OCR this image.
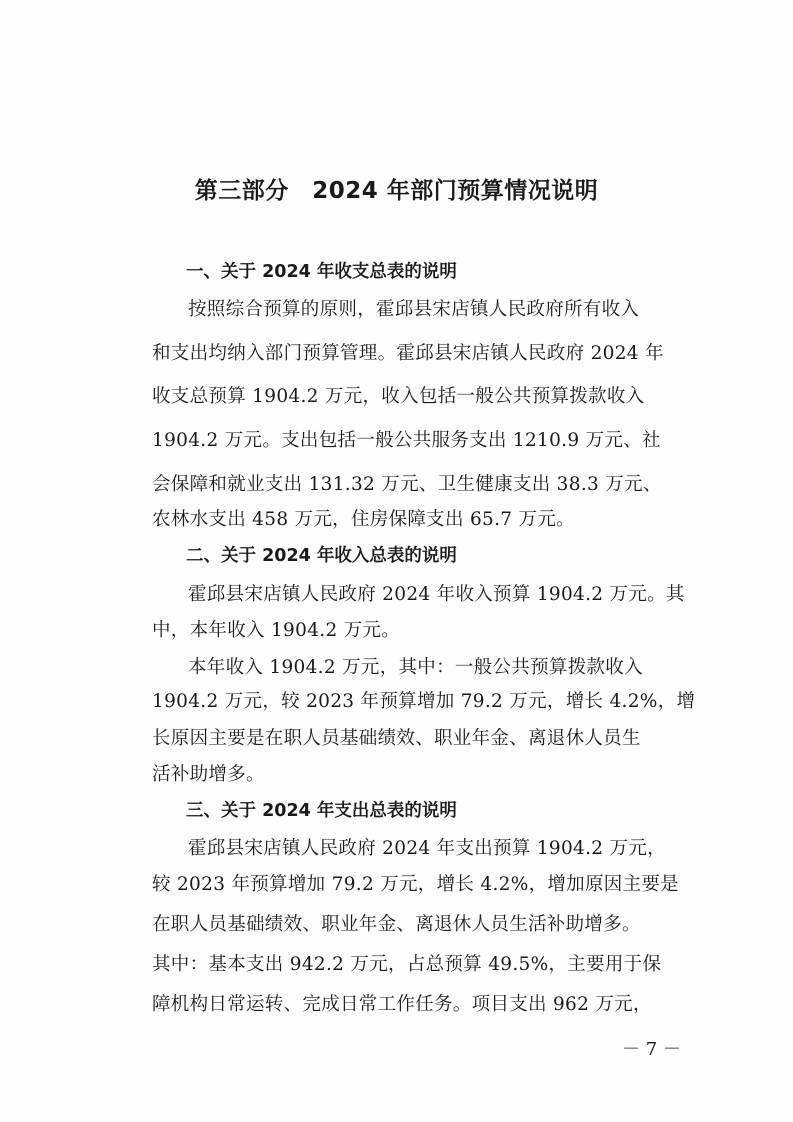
第三部分　2024 年部门预算情况说明
一、关于 2024 年收支总表的说明
按照综合预算的原则，霍邱县宋店镇人民政府所有收入
和支出均纳入部门预算管理。霍邱县宋店镇人民政府 2024 年
收支总预算 1904.2 万元，收入包括一般公共预算拨款收入
1904.2 万元。支出包括一般公共服务支出 1210.9 万元、社
会保障和就业支出 131.32 万元、卫生健康支出 38.3 万元、
农林水支出 458 万元，住房保障支出 65.7 万元。
二、关于 2024 年收入总表的说明
霍邱县宋店镇人民政府 2024 年收入预算 1904.2 万元。其
中，本年收入 1904.2 万元。
本年收入 1904.2 万元，其中：一般公共预算拨款收入
1904.2 万元，较 2023 年预算增加 79.2 万元，增长 4.2%，增
长原因主要是在职人员基础绩效、职业年金、离退休人员生
活补助增多。
三、关于 2024 年支出总表的说明
霍邱县宋店镇人民政府 2024 年支出预算 1904.2 万元，
较 2023 年预算增加 79.2 万元，增长 4.2%，增加原因主要是
在职人员基础绩效、职业年金、离退休人员生活补助增多。
其中：基本支出 942.2 万元，占总预算 49.5%，主要用于保
障机构日常运转、完成日常工作任务。项目支出 962 万元，
－ 7 －
